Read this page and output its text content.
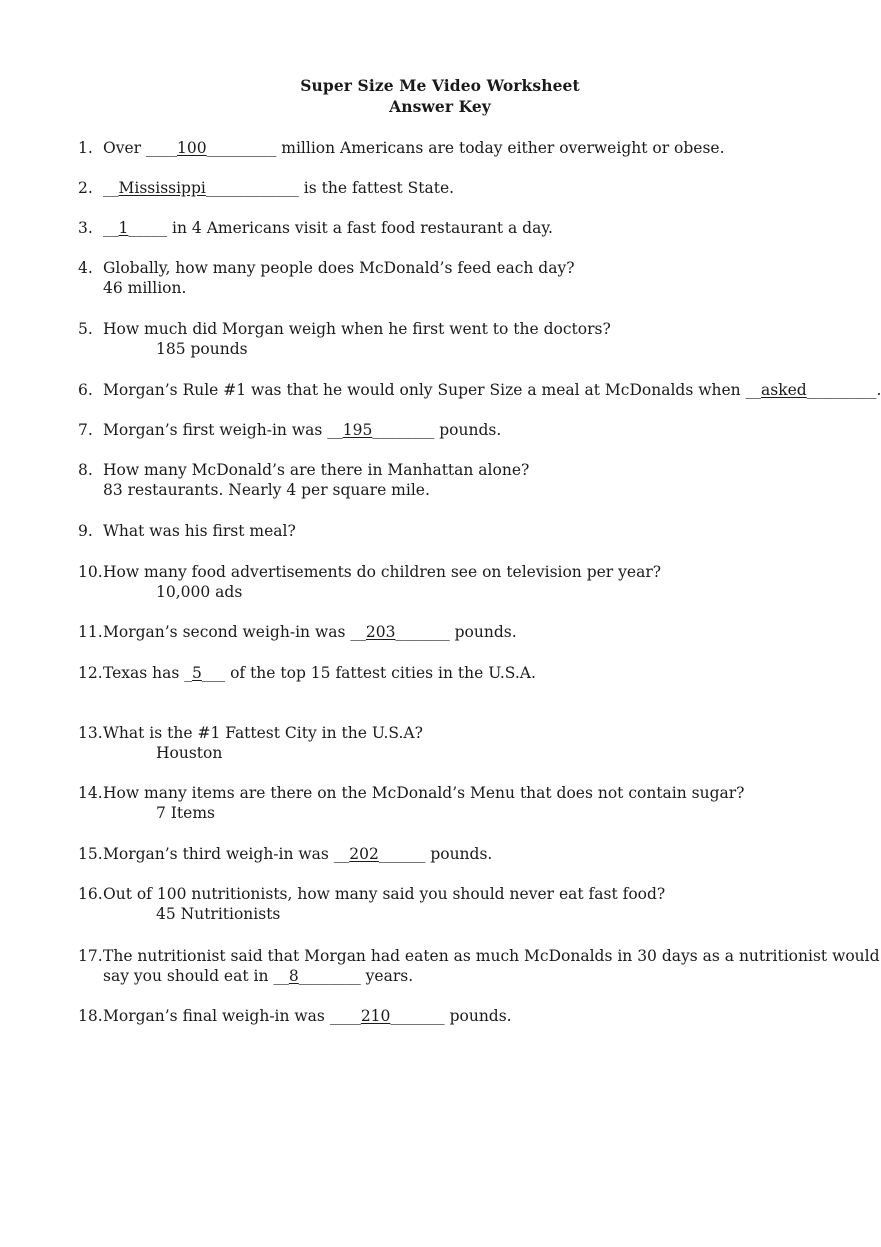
Super Size Me Video Worksheet
Answer Key
1. Over ____100_________ million Americans are today either overweight or obese.
2. __Mississippi____________ is the fattest State.
3. __1_____ in 4 Americans visit a fast food restaurant a day.
4. Globally, how many people does McDonald’s feed each day?
46 million.
5. How much did Morgan weigh when he first went to the doctors?
185 pounds
6. Morgan’s Rule #1 was that he would only Super Size a meal at McDonalds when __asked_________.
7. Morgan’s first weigh-in was __195________ pounds.
8. How many McDonald’s are there in Manhattan alone?
83 restaurants. Nearly 4 per square mile.
9. What was his first meal?
10. How many food advertisements do children see on television per year?
10,000 ads
11. Morgan’s second weigh-in was __203_______ pounds.
12. Texas has _5___ of the top 15 fattest cities in the U.S.A.
13. What is the #1 Fattest City in the U.S.A?
Houston
14. How many items are there on the McDonald’s Menu that does not contain sugar?
7 Items
15. Morgan’s third weigh-in was __202______ pounds.
16. Out of 100 nutritionists, how many said you should never eat fast food?
45 Nutritionists
17. The nutritionist said that Morgan had eaten as much McDonalds in 30 days as a nutritionist would
say you should eat in __8________ years.
18. Morgan’s final weigh-in was ____210_______ pounds.
